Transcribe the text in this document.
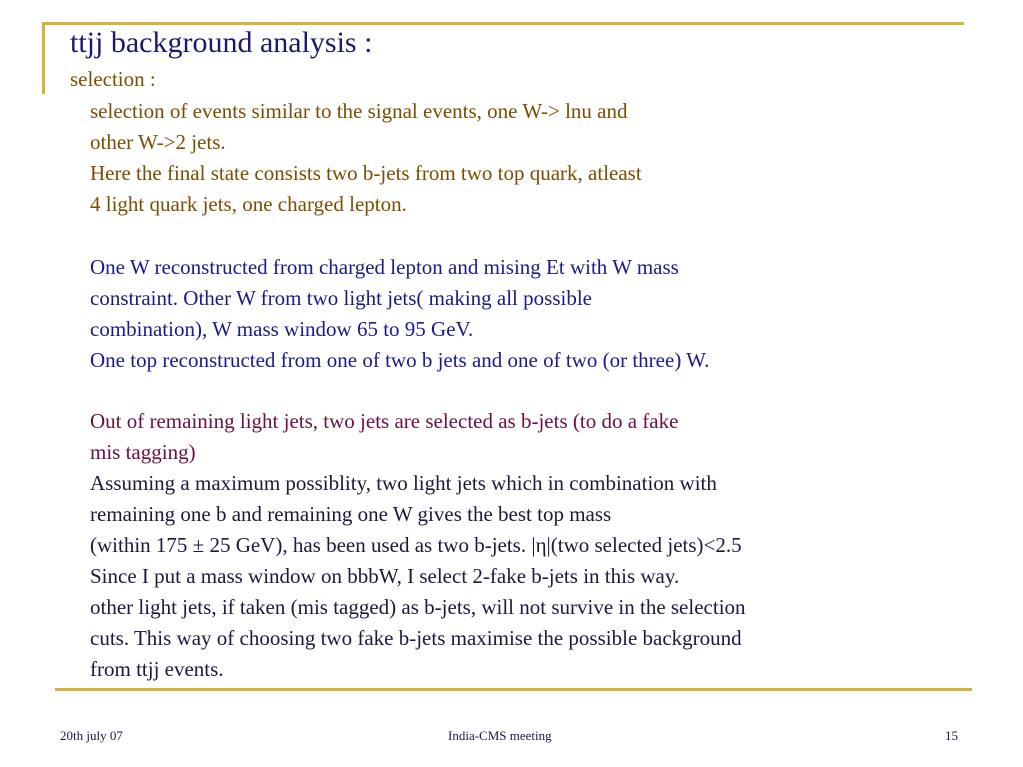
ttjj background analysis :
selection :
selection of events similar to the signal events, one W-> lnu and
other W->2 jets.
Here the final state consists two b-jets from two top quark, atleast
4 light quark jets, one charged lepton.
One W reconstructed from charged lepton and mising Et with W mass
constraint. Other W from two light jets( making all possible
combination), W mass window 65 to 95 GeV.
One top reconstructed from one of two b jets and one of two (or three) W.
Out of remaining light jets, two jets are selected as b-jets (to do a fake
mis tagging)
Assuming a maximum possiblity, two light jets which in combination with
remaining one b and remaining one W gives the best top mass
(within 175 ± 25 GeV), has been used as two b-jets. |η|(two selected jets)<2.5
Since I put a mass window on bbbW, I select 2-fake b-jets in this way.
other light jets, if taken (mis tagged) as b-jets, will not survive in the selection
cuts. This way of choosing two fake b-jets maximise the possible background
from ttjj events.
20th july 07	India-CMS meeting	15
